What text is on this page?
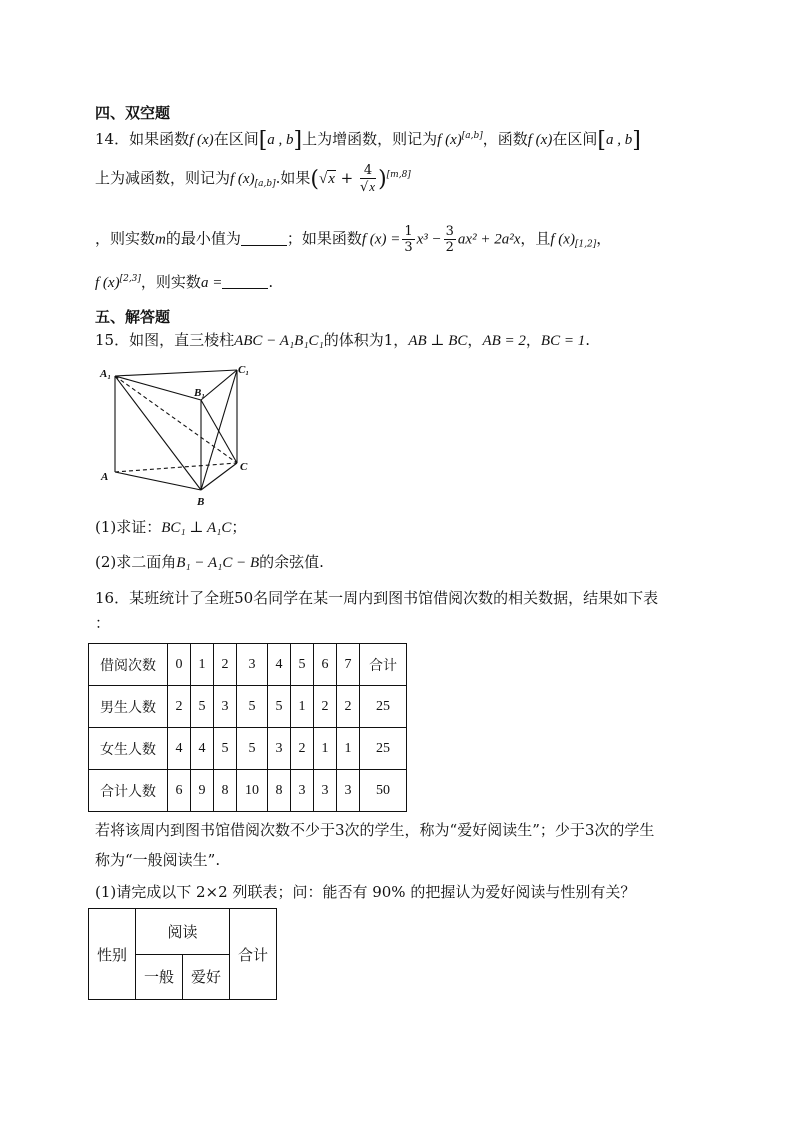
四、双空题
14．如果函数f (x)在区间[a , b]上为增函数，则记为f (x)[a,b]，函数f (x)在区间[a , b]
上为减函数，则记为f $(x)_{[a,b]}$.如果$(√x + \frac{4}{√x} )[m,8]$
，则实数m的最小值为	；如果函数f $(x) = \frac{1}{3} x^3 - \frac{3}{2} ax^2 + 2a^2x$，且f $(x)_{[1,2]}$，
f (x)[2,3]，则实数a =	.
五、解答题
15．如图，直三棱柱ABC − A₁B₁C₁的体积为1，AB ⊥ BC，AB = 2，BC = 1.
A₁
B₁
C₁
A
B
C
(1)求证：BC₁ ⊥ A₁C；
(2)求二面角B₁ − A₁C − B的余弦值.
16．某班统计了全班50名同学在某一周内到图书馆借阅次数的相关数据，结果如下表
：
借阅次数	0	1	2	3	4	5	6	7	合计
男生人数	2	5	3	5	5	1	2	2	25
女生人数	4	4	5	5	3	2	1	1	25
合计人数	6	9	8	10	8	3	3	3	50
若将该周内到图书馆借阅次数不少于3次的学生，称为“爱好阅读生”；少于3次的学生
称为“一般阅读生”.
(1)请完成以下 2×2 列联表；问：能否有 90% 的把握认为爱好阅读与性别有关？
性别	阅读		合计
	一般	爱好	
